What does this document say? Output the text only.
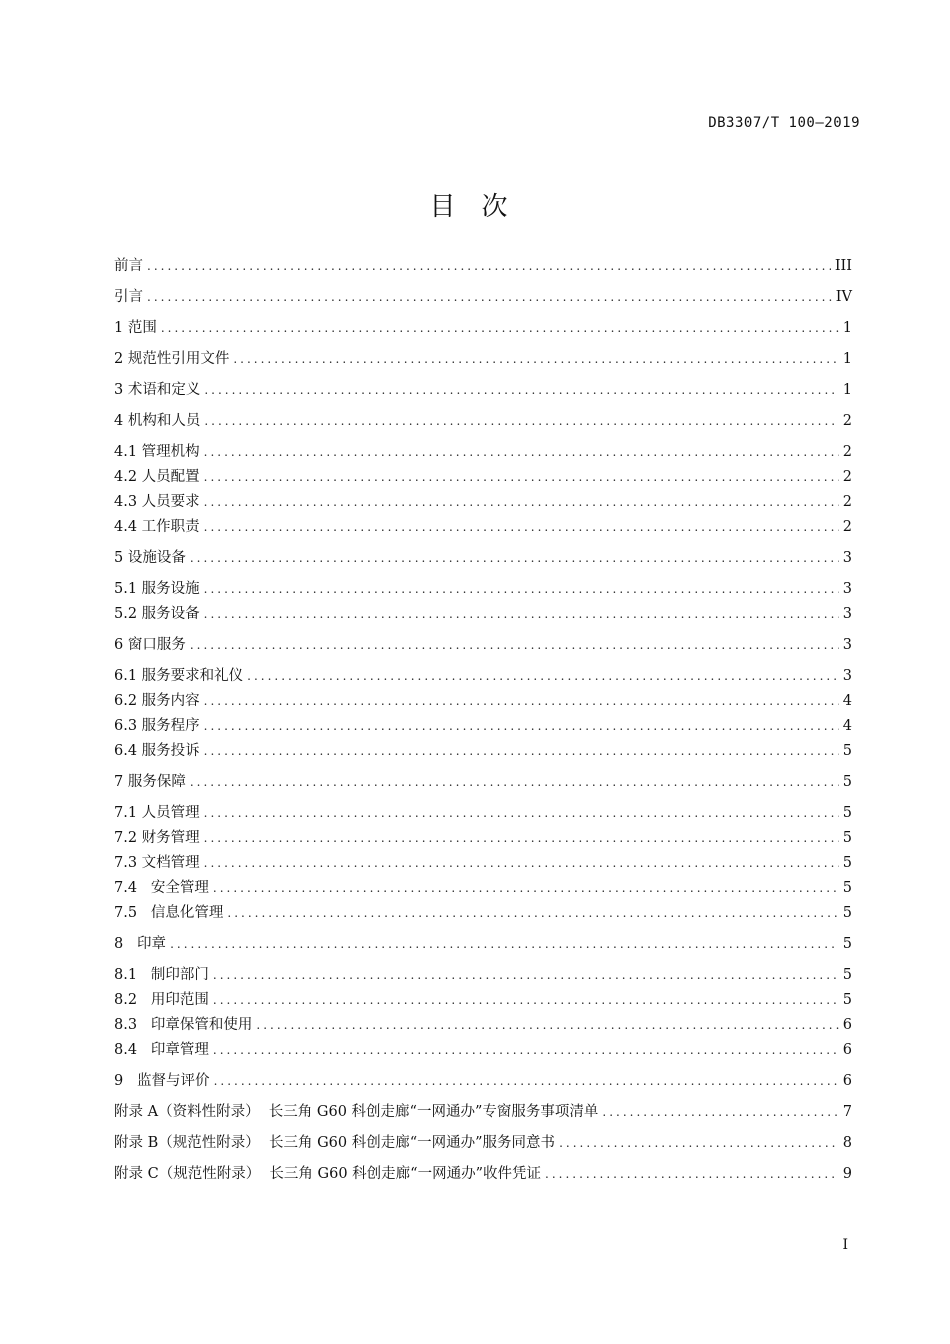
DB3307/T 100—2019
目次
前言 .....	III
引言 .....	IV
1 范围 .....	1
2 规范性引用文件 .....	1
3 术语和定义 .....	1
4 机构和人员 .....	2
4.1 管理机构 .....	2
4.2 人员配置 .....	2
4.3 人员要求 .....	2
4.4 工作职责 .....	2
5 设施设备 .....	3
5.1 服务设施 .....	3
5.2 服务设备 .....	3
6 窗口服务 .....	3
6.1 服务要求和礼仪 .....	3
6.2 服务内容 .....	4
6.3 服务程序 .....	4
6.4 服务投诉 .....	5
7 服务保障 .....	5
7.1 人员管理 .....	5
7.2 财务管理 .....	5
7.3 文档管理 .....	5
7.4   安全管理 .....	5
7.5   信息化管理 .....	5
8   印章 .....	5
8.1   制印部门 .....	5
8.2   用印范围 .....	5
8.3   印章保管和使用 .....	6
8.4   印章管理 .....	6
9   监督与评价 .....	6
附录 A（资料性附录）  长三角 G60 科创走廊“一网通办”专窗服务事项清单 .....	7
附录 B（规范性附录）  长三角 G60 科创走廊“一网通办”服务同意书 .....	8
附录 C（规范性附录）  长三角 G60 科创走廊“一网通办”收件凭证 .....	9
I
